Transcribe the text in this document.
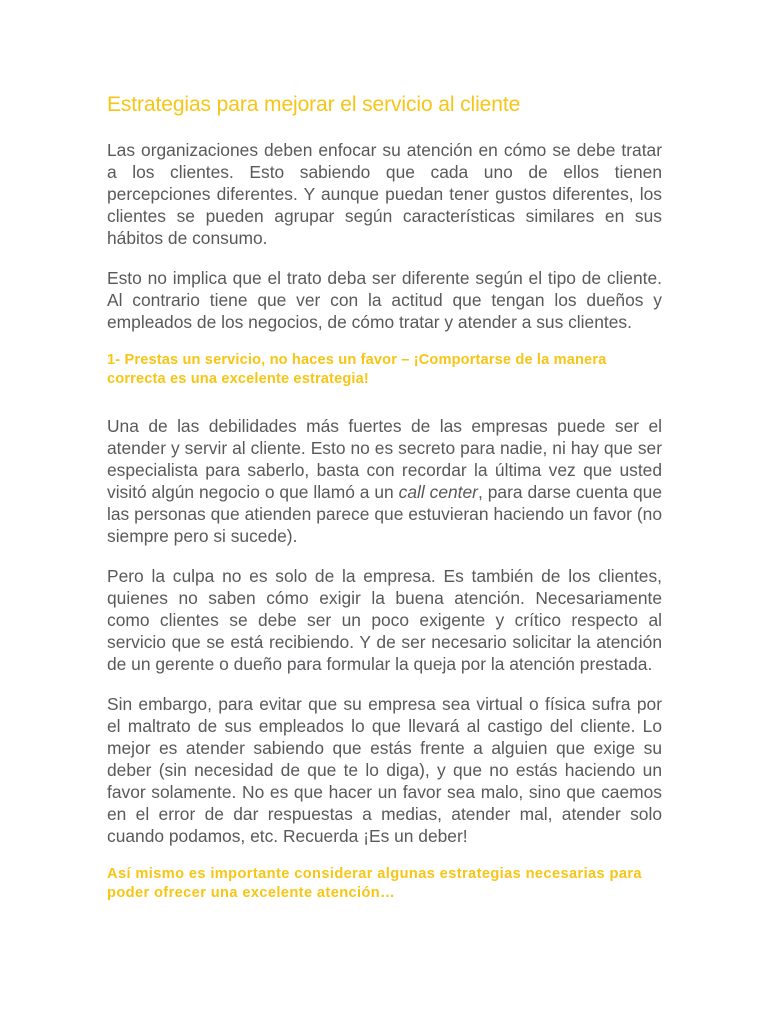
Estrategias para mejorar el servicio al cliente

Las organizaciones deben enfocar su atención en cómo se debe tratar a los clientes. Esto sabiendo que cada uno de ellos tienen percepciones diferentes. Y aunque puedan tener gustos diferentes, los clientes se pueden agrupar según características similares en sus hábitos de consumo.

Esto no implica que el trato deba ser diferente según el tipo de cliente. Al contrario tiene que ver con la actitud que tengan los dueños y empleados de los negocios, de cómo tratar y atender a sus clientes.

1- Prestas un servicio, no haces un favor – ¡Comportarse de la manera correcta es una excelente estrategia!

Una de las debilidades más fuertes de las empresas puede ser el atender y servir al cliente. Esto no es secreto para nadie, ni hay que ser especialista para saberlo, basta con recordar la última vez que usted visitó algún negocio o que llamó a un call center, para darse cuenta que las personas que atienden parece que estuvieran haciendo un favor (no siempre pero si sucede).

Pero la culpa no es solo de la empresa. Es también de los clientes, quienes no saben cómo exigir la buena atención. Necesariamente como clientes se debe ser un poco exigente y crítico respecto al servicio que se está recibiendo. Y de ser necesario solicitar la atención de un gerente o dueño para formular la queja por la atención prestada.

Sin embargo, para evitar que su empresa sea virtual o física sufra por el maltrato de sus empleados lo que llevará al castigo del cliente. Lo mejor es atender sabiendo que estás frente a alguien que exige su deber (sin necesidad de que te lo diga), y que no estás haciendo un favor solamente. No es que hacer un favor sea malo, sino que caemos en el error de dar respuestas a medias, atender mal, atender solo cuando podamos, etc. Recuerda ¡Es un deber!

Así mismo es importante considerar algunas estrategias necesarias para poder ofrecer una excelente atención…
